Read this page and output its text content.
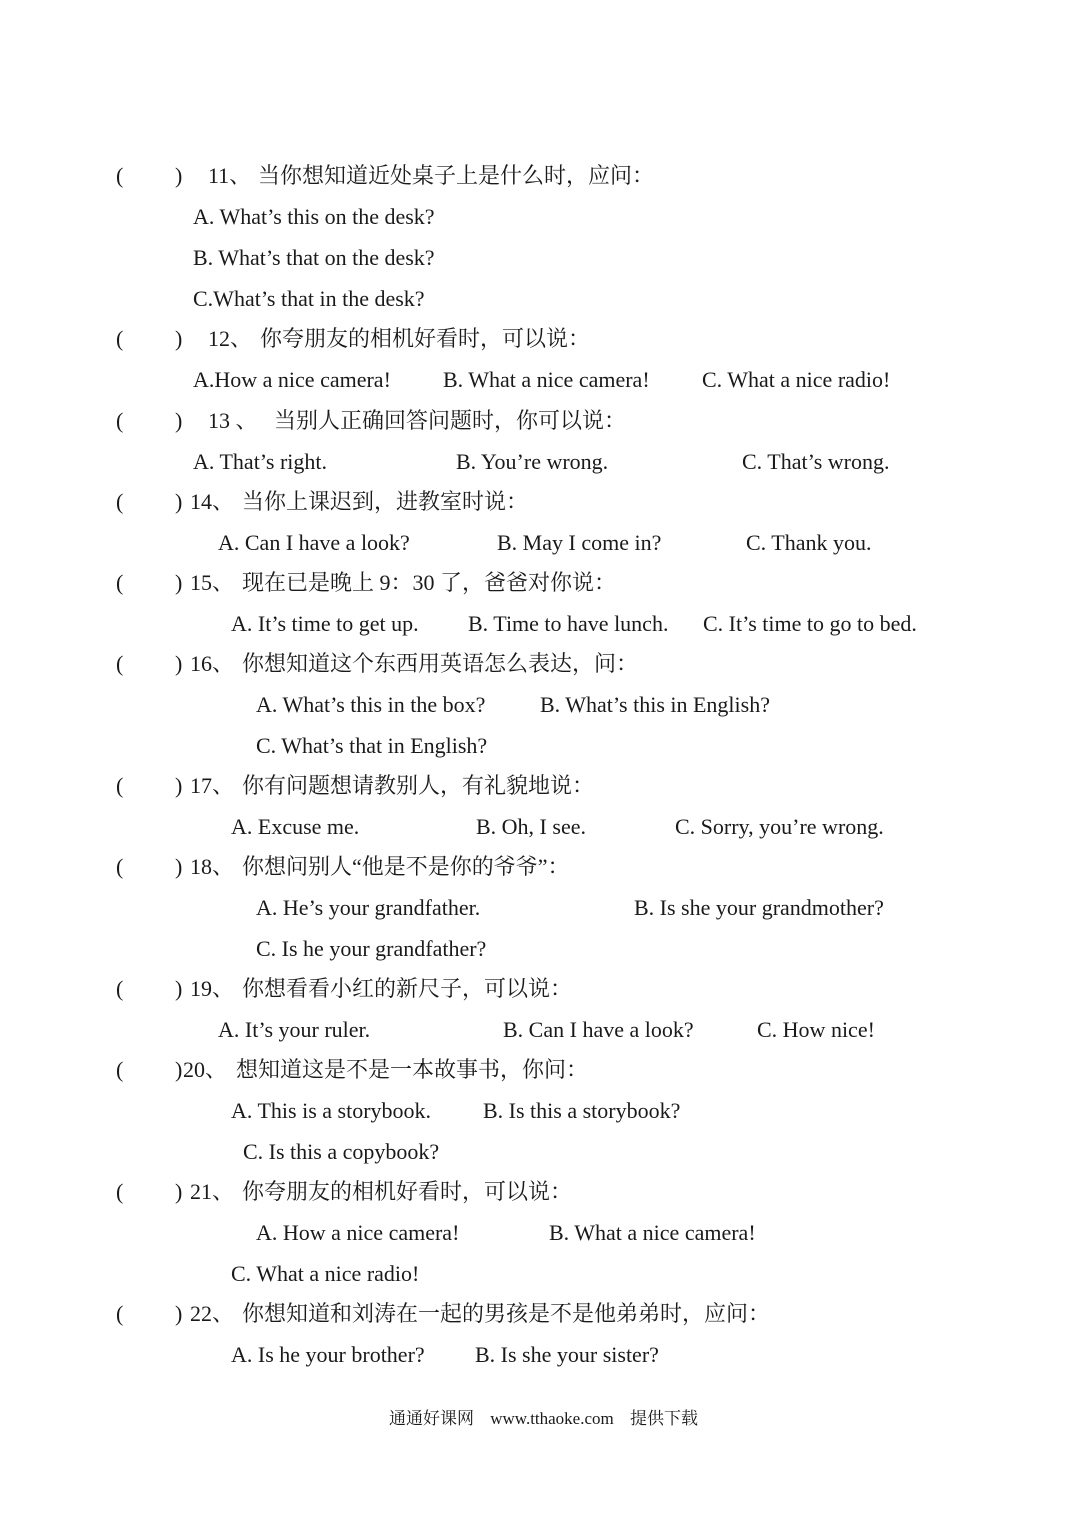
( ) 11、 当你想知道近处桌子上是什么时，应问：
A. What’s this on the desk?
B. What’s that on the desk?
C.What’s that in the desk?
( ) 12、 你夸朋友的相机好看时，可以说：
A.How a nice camera! B. What a nice camera! C. What a nice radio!
( ) 13 、 当别人正确回答问题时，你可以说：
A. That’s right.	B. You’re wrong.	C. That’s wrong.
( ) 14、 当你上课迟到，进教室时说：
A. Can I have a look?	B. May I come in?	C. Thank you.
( ) 15、 现在已是晚上 9：30 了，爸爸对你说：
A. It’s time to get up. B. Time to have lunch. C. It’s time to go to bed.
( ) 16、 你想知道这个东西用英语怎么表达，问：
A. What’s this in the box? B. What’s this in English?
C. What’s that in English?
( ) 17、 你有问题想请教别人，有礼貌地说：
A. Excuse me.	B. Oh, I see.	C. Sorry, you’re wrong.
( ) 18、 你想问别人“他是不是你的爷爷”：
A. He’s your grandfather.	B. Is she your grandmother?
C. Is he your grandfather?
( ) 19、 你想看看小红的新尺子，可以说：
A. It’s your ruler.	B. Can I have a look?	C. How nice!
( ) 20、 想知道这是不是一本故事书，你问：
A. This is a storybook. B. Is this a storybook?
C. Is this a copybook?
( ) 21、 你夸朋友的相机好看时，可以说：
A. How a nice camera!	B. What a nice camera!
C. What a nice radio!
( ) 22、 你想知道和刘涛在一起的男孩是不是他弟弟时，应问：
A. Is he your brother? B. Is she your sister?
通通好课网 www.tthaoke.com 提供下载
